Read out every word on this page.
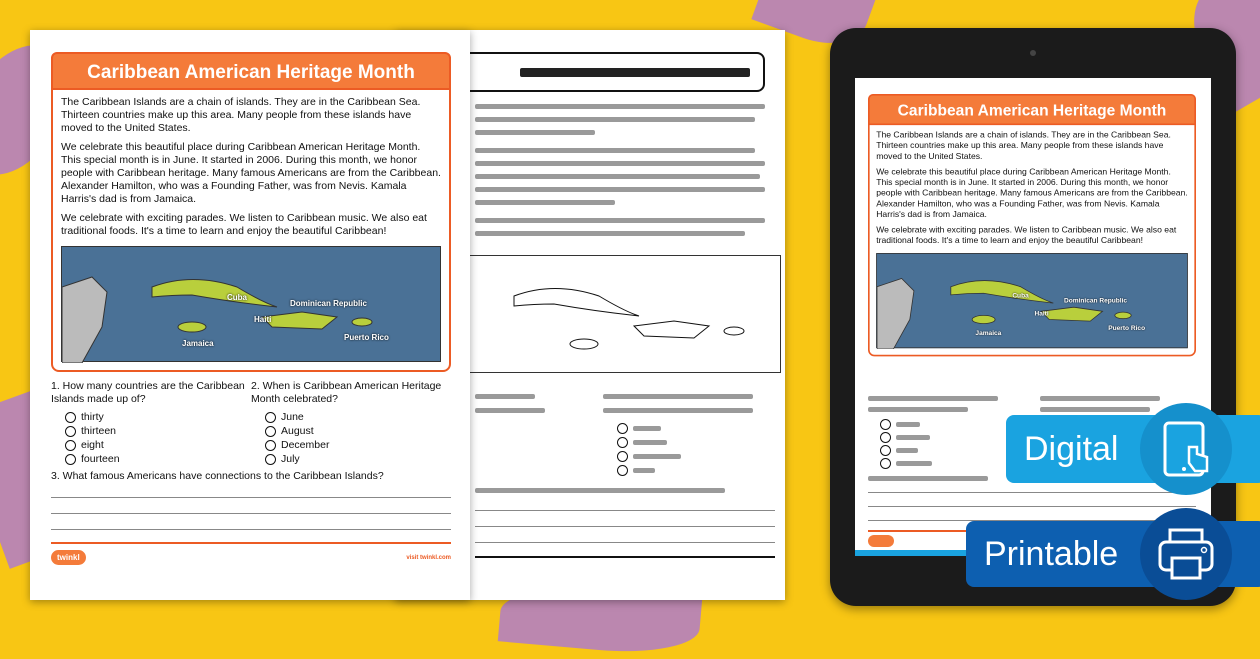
Caribbean American Heritage Month
The Caribbean Islands are a chain of islands. They are in the Caribbean Sea. Thirteen countries make up this area. Many people from these islands have moved to the United States.
We celebrate this beautiful place during Caribbean American Heritage Month. This special month is in June. It started in 2006. During this month, we honor people with Caribbean heritage. Many famous Americans are from the Caribbean. Alexander Hamilton, who was a Founding Father, was from Nevis. Kamala Harris's dad is from Jamaica.
We celebrate with exciting parades. We listen to Caribbean music. We also eat traditional foods. It's a time to learn and enjoy the beautiful Caribbean!
Cuba
Haiti
Dominican Republic
Jamaica
Puerto Rico
1. How many countries are the Caribbean Islands made up of?
thirty
thirteen
eight
fourteen
2. When is Caribbean American Heritage Month celebrated?
June
August
December
July
3. What famous Americans have connections to the Caribbean Islands?
twinkl	visit twinkl.com
Caribbean American Heritage Month
The Caribbean Islands are a chain of islands. They are in the Caribbean Sea. Thirteen countries make up this area. Many people from these islands have moved to the United States.
We celebrate this beautiful place during Caribbean American Heritage Month. This special month is in June. It started in 2006. During this month, we honor people with Caribbean heritage. Many famous Americans are from the Caribbean. Alexander Hamilton, who was a Founding Father, was from Nevis. Kamala Harris's dad is from Jamaica.
We celebrate with exciting parades. We listen to Caribbean music. We also eat traditional foods. It's a time to learn and enjoy the beautiful Caribbean!
Cuba
Haiti
Dominican Republic
Jamaica
Puerto Rico
Digital
Printable
